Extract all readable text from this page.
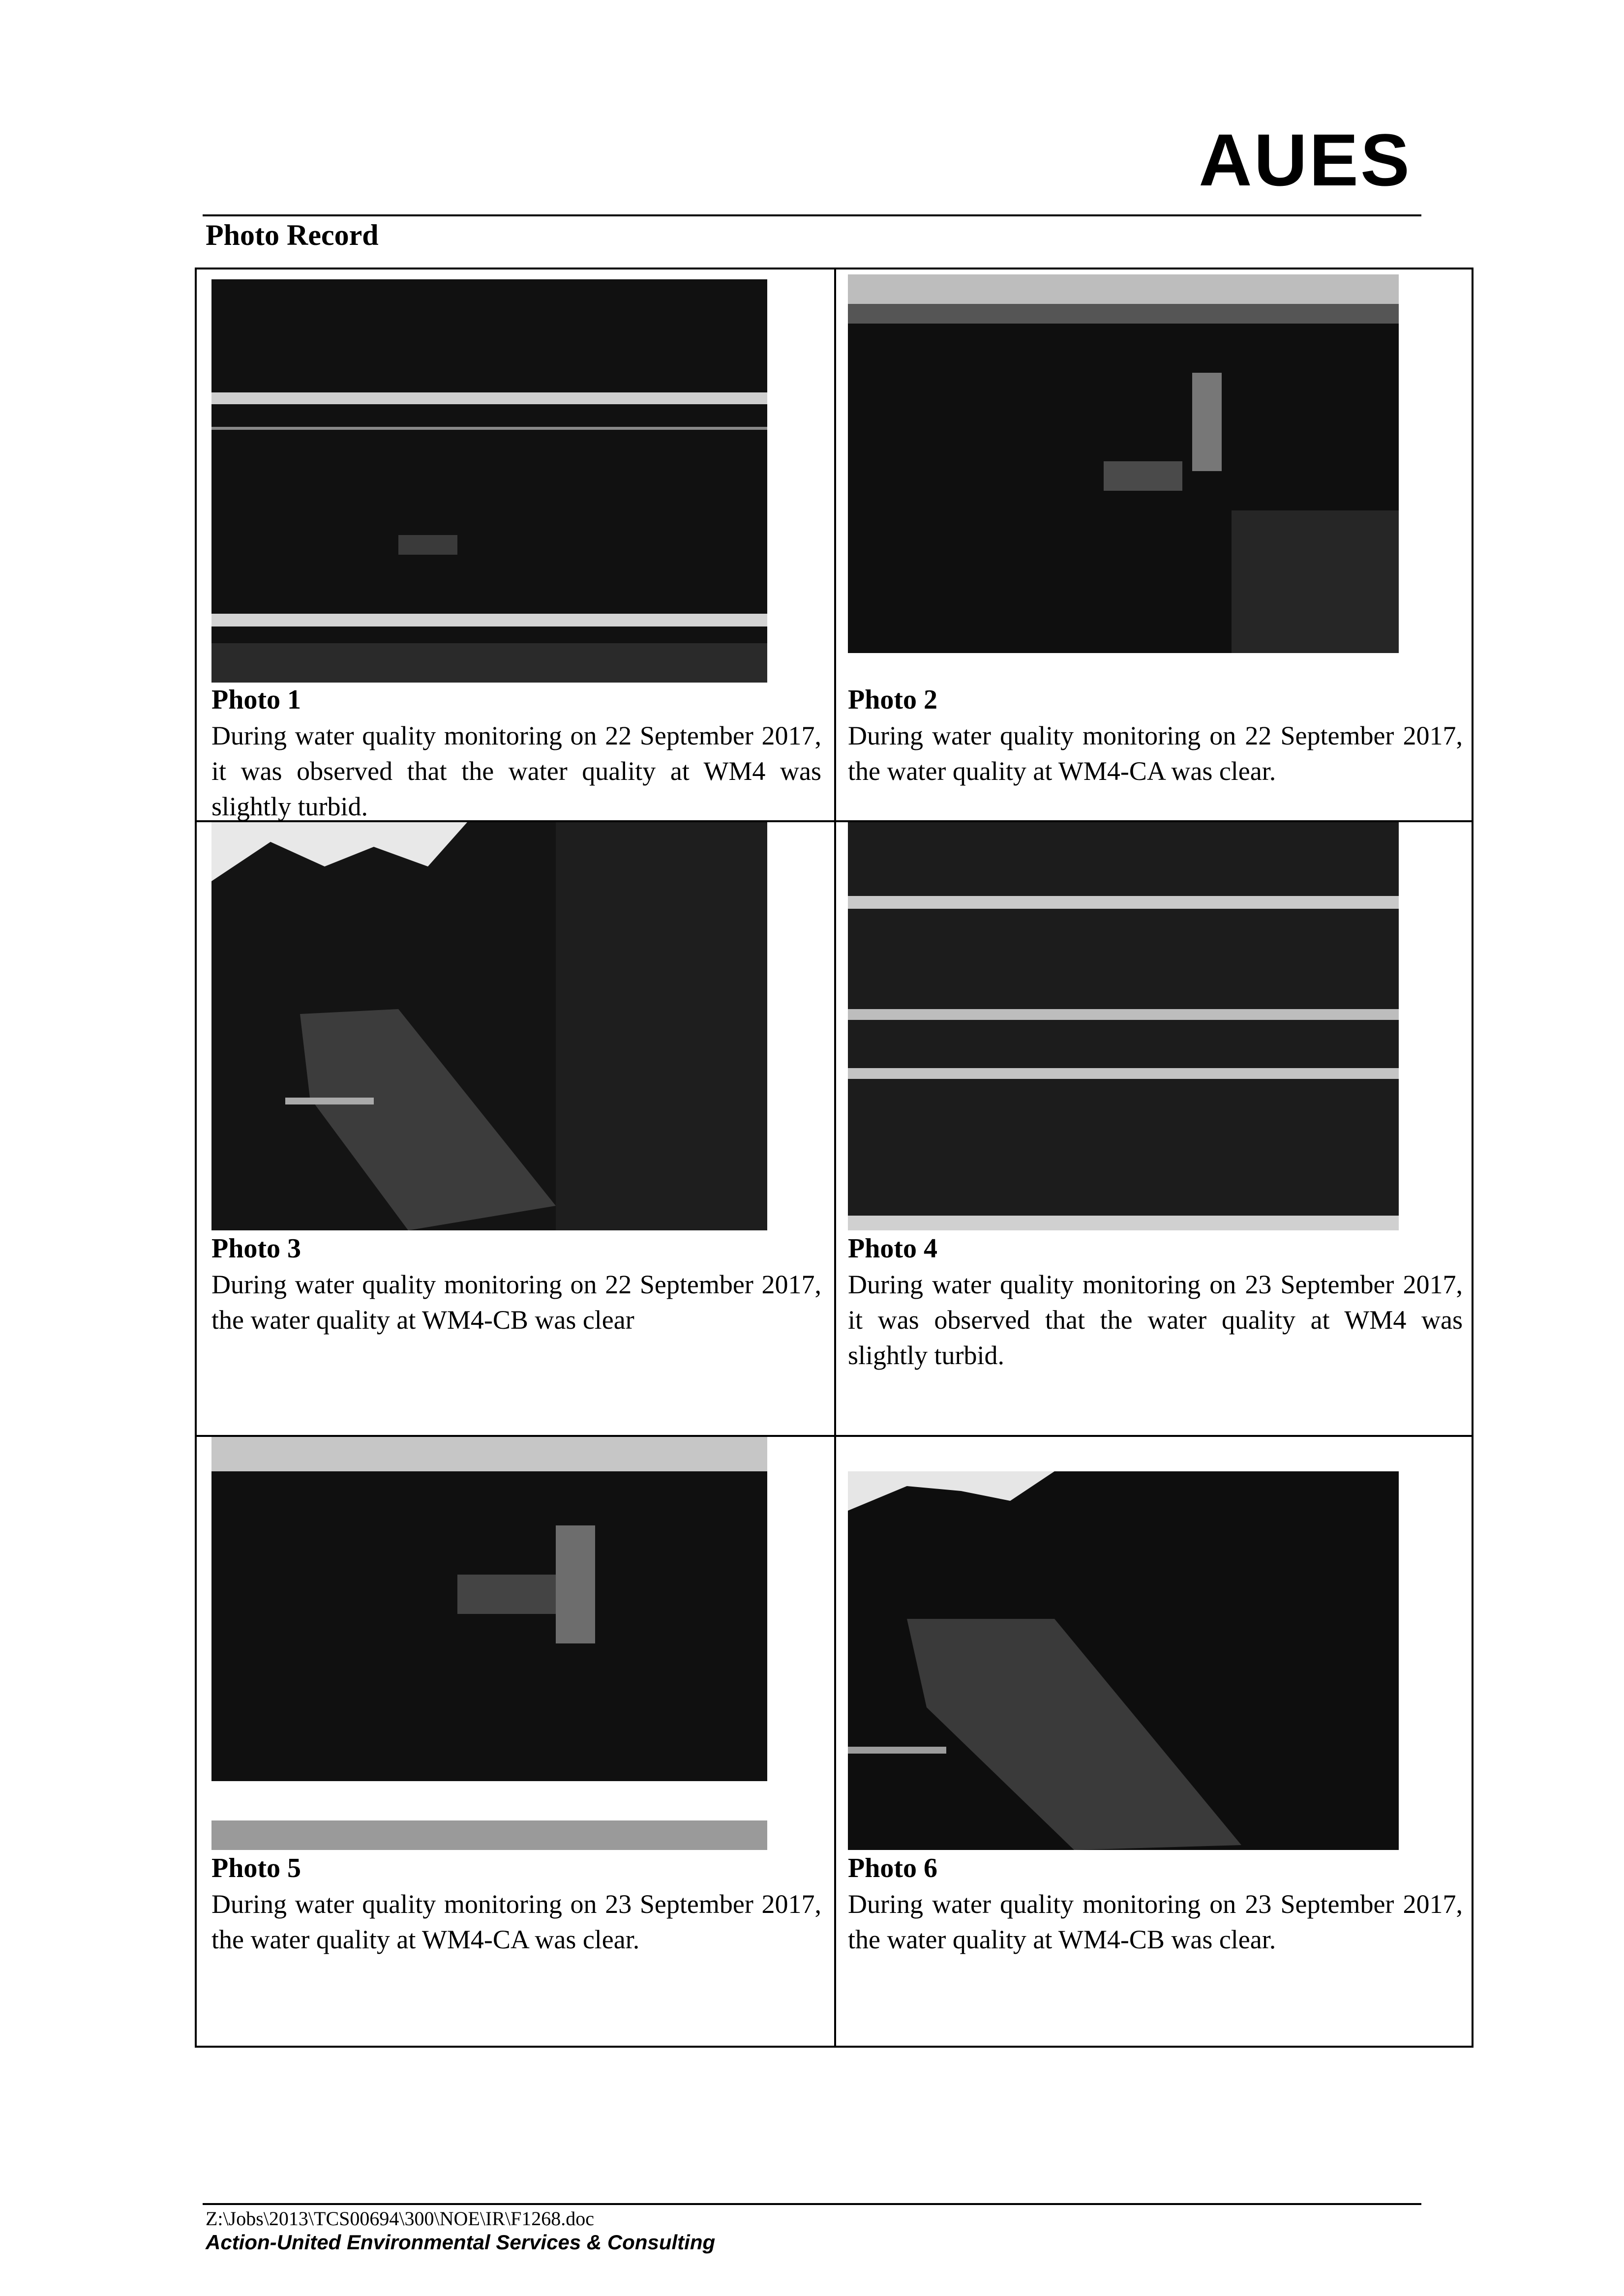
AUES
Photo Record
Photo 1
During water quality monitoring on 22 September 2017, it was observed that the water quality at WM4 was slightly turbid.
Photo 2
During water quality monitoring on 22 September 2017, the water quality at WM4-CA was clear.
Photo 3
During water quality monitoring on 22 September 2017, the water quality at WM4-CB was clear
Photo 4
During water quality monitoring on 23 September 2017, it was observed that the water quality at WM4 was slightly turbid.
Photo 5
During water quality monitoring on 23 September 2017, the water quality at WM4-CA was clear.
Photo 6
During water quality monitoring on 23 September 2017, the water quality at WM4-CB was clear.
Z:\Jobs\2013\TCS00694\300\NOE\IR\F1268.doc
Action-United Environmental Services & Consulting
